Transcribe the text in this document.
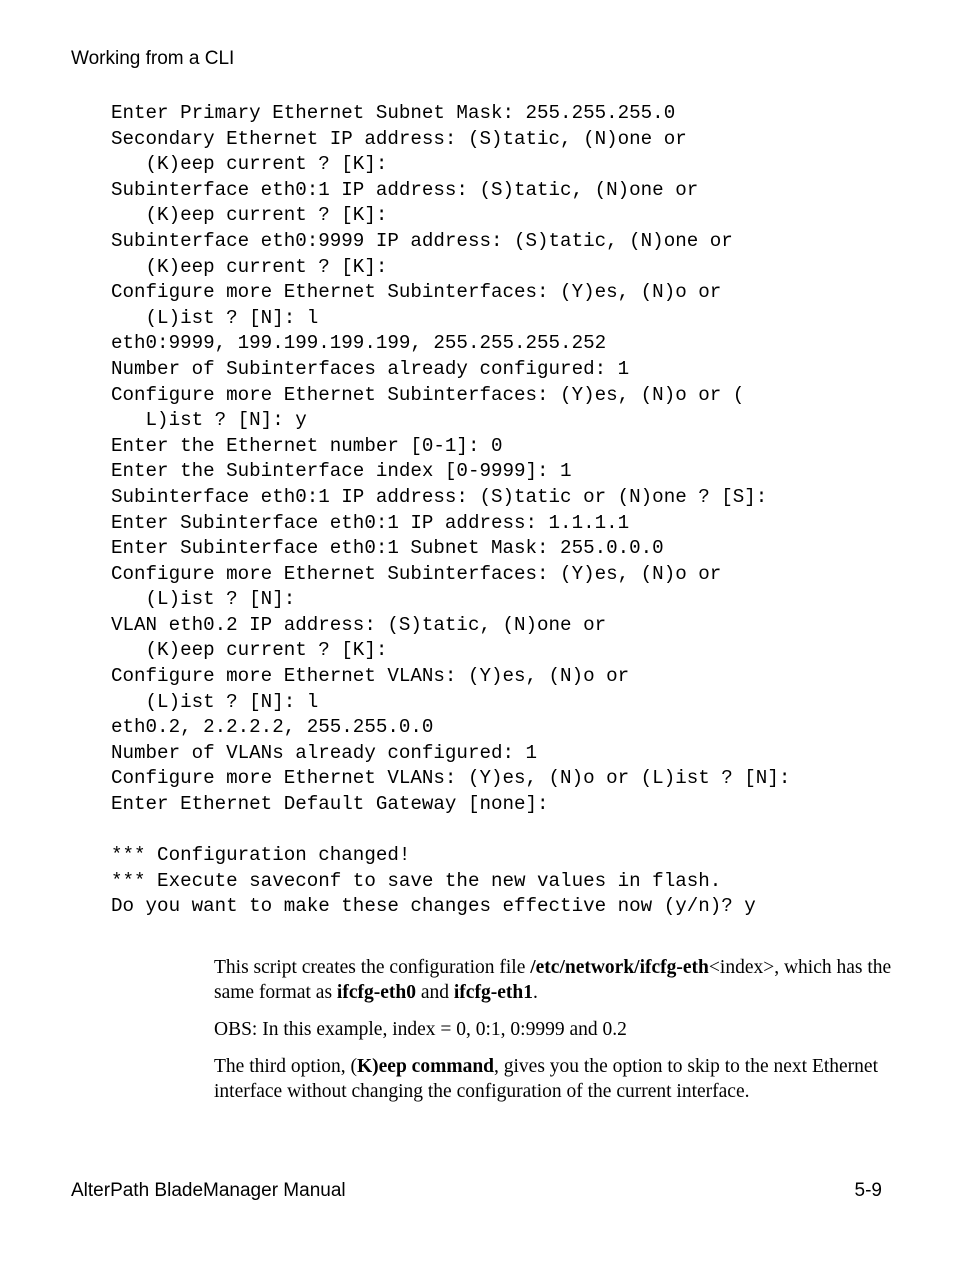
Working from a CLI
Enter Primary Ethernet Subnet Mask: 255.255.255.0
Secondary Ethernet IP address: (S)tatic, (N)one or
(K)eep current ? [K]:
Subinterface eth0:1 IP address: (S)tatic, (N)one or
(K)eep current ? [K]:
Subinterface eth0:9999 IP address: (S)tatic, (N)one or
(K)eep current ? [K]:
Configure more Ethernet Subinterfaces: (Y)es, (N)o or
(L)ist ? [N]: l
eth0:9999, 199.199.199.199, 255.255.255.252
Number of Subinterfaces already configured: 1
Configure more Ethernet Subinterfaces: (Y)es, (N)o or (
L)ist ? [N]: y
Enter the Ethernet number [0-1]: 0
Enter the Subinterface index [0-9999]: 1
Subinterface eth0:1 IP address: (S)tatic or (N)one ? [S]:
Enter Subinterface eth0:1 IP address: 1.1.1.1
Enter Subinterface eth0:1 Subnet Mask: 255.0.0.0
Configure more Ethernet Subinterfaces: (Y)es, (N)o or
(L)ist ? [N]:
VLAN eth0.2 IP address: (S)tatic, (N)one or
(K)eep current ? [K]:
Configure more Ethernet VLANs: (Y)es, (N)o or
(L)ist ? [N]: l
eth0.2, 2.2.2.2, 255.255.0.0
Number of VLANs already configured: 1
Configure more Ethernet VLANs: (Y)es, (N)o or (L)ist ? [N]:
Enter Ethernet Default Gateway [none]:
*** Configuration changed!
*** Execute saveconf to save the new values in flash.
Do you want to make these changes effective now (y/n)? y

This script creates the configuration file /etc/network/ifcfg-eth<index>, which has the same format as ifcfg-eth0 and ifcfg-eth1.

OBS: In this example, index = 0, 0:1, 0:9999 and 0.2

The third option, (K)eep command, gives you the option to skip to the next Ethernet interface without changing the configuration of the current interface.

AlterPath BladeManager Manual	5-9
